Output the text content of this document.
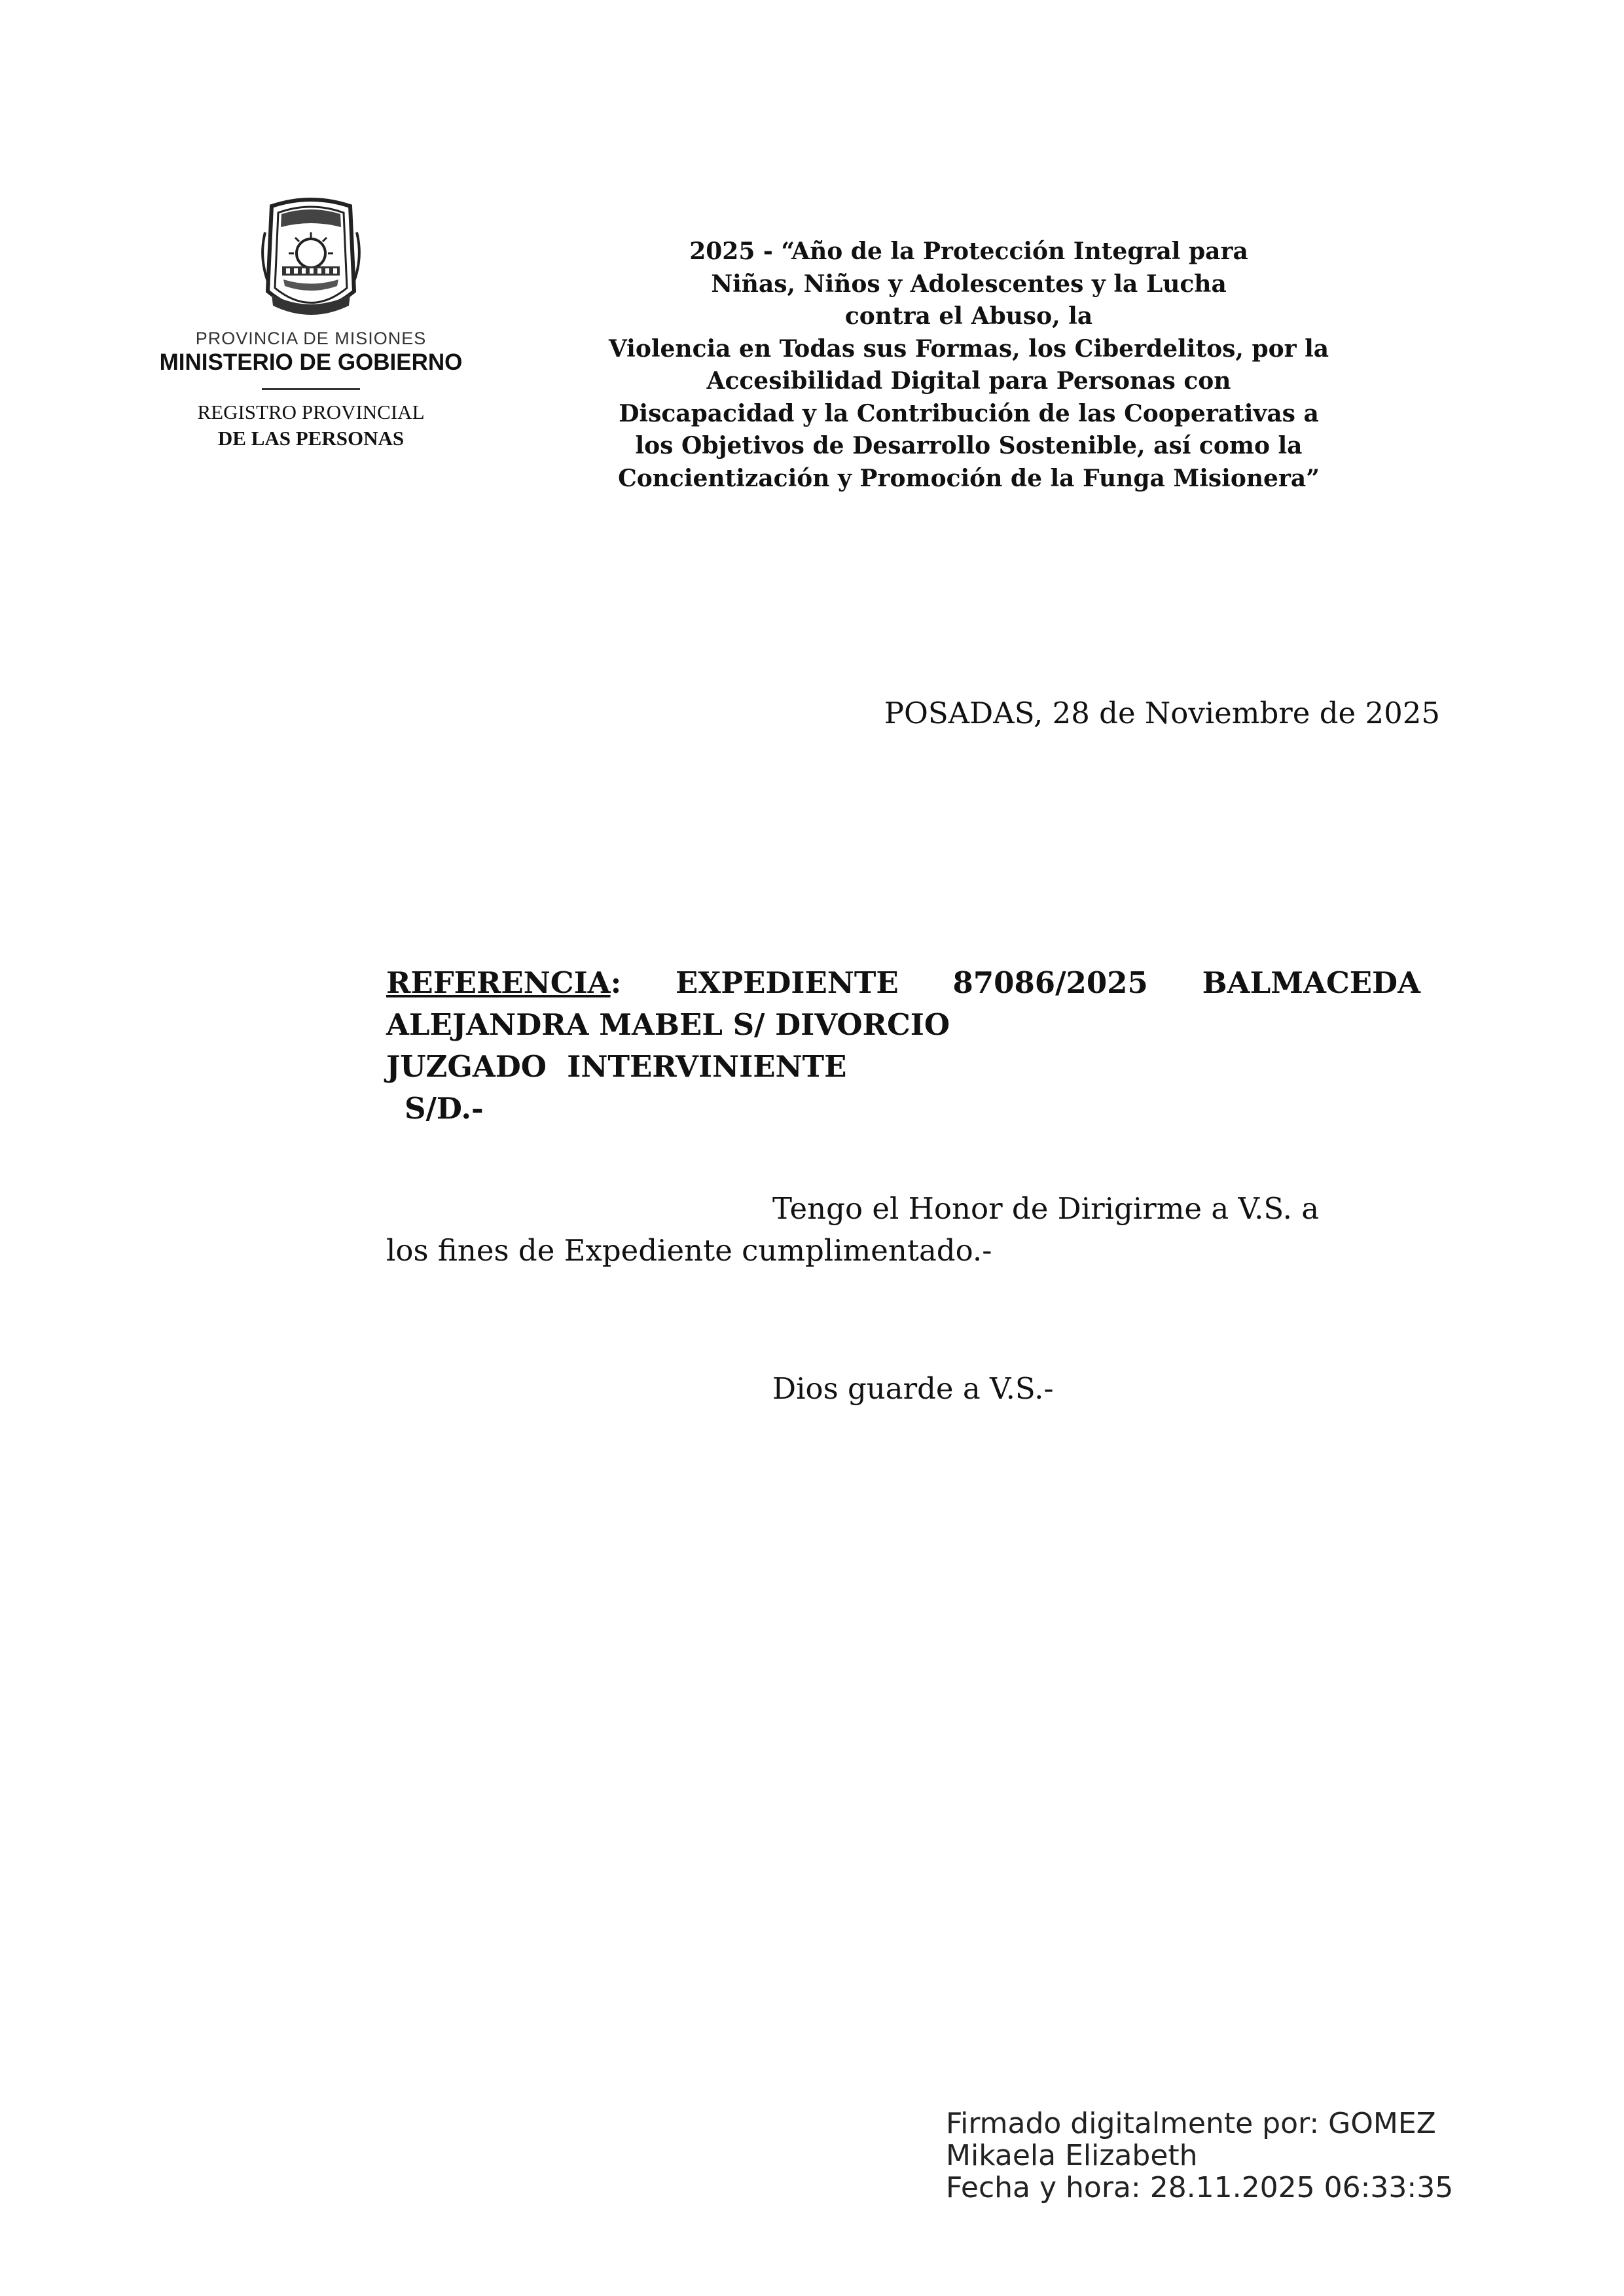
PROVINCIA DE MISIONES
MINISTERIO DE GOBIERNO
REGISTRO PROVINCIAL
DE LAS PERSONAS
2025 - “Año de la Protección Integral para
Niñas, Niños y Adolescentes y la Lucha
contra el Abuso, la
Violencia en Todas sus Formas, los Ciberdelitos, por la
Accesibilidad Digital para Personas con
Discapacidad y la Contribución de las Cooperativas a
los Objetivos de Desarrollo Sostenible, así como la
Concientización y Promoción de la Funga Misionera”
POSADAS, 28 de Noviembre de 2025
REFERENCIA: EXPEDIENTE 87086/2025 BALMACEDA
ALEJANDRA MABEL S/ DIVORCIO
JUZGADO  INTERVINIENTE
S/D.-
Tengo el Honor de Dirigirme a V.S. a
los fines de Expediente cumplimentado.-
Dios guarde a V.S.-
Firmado digitalmente por: GOMEZ
Mikaela Elizabeth
Fecha y hora: 28.11.2025 06:33:35
